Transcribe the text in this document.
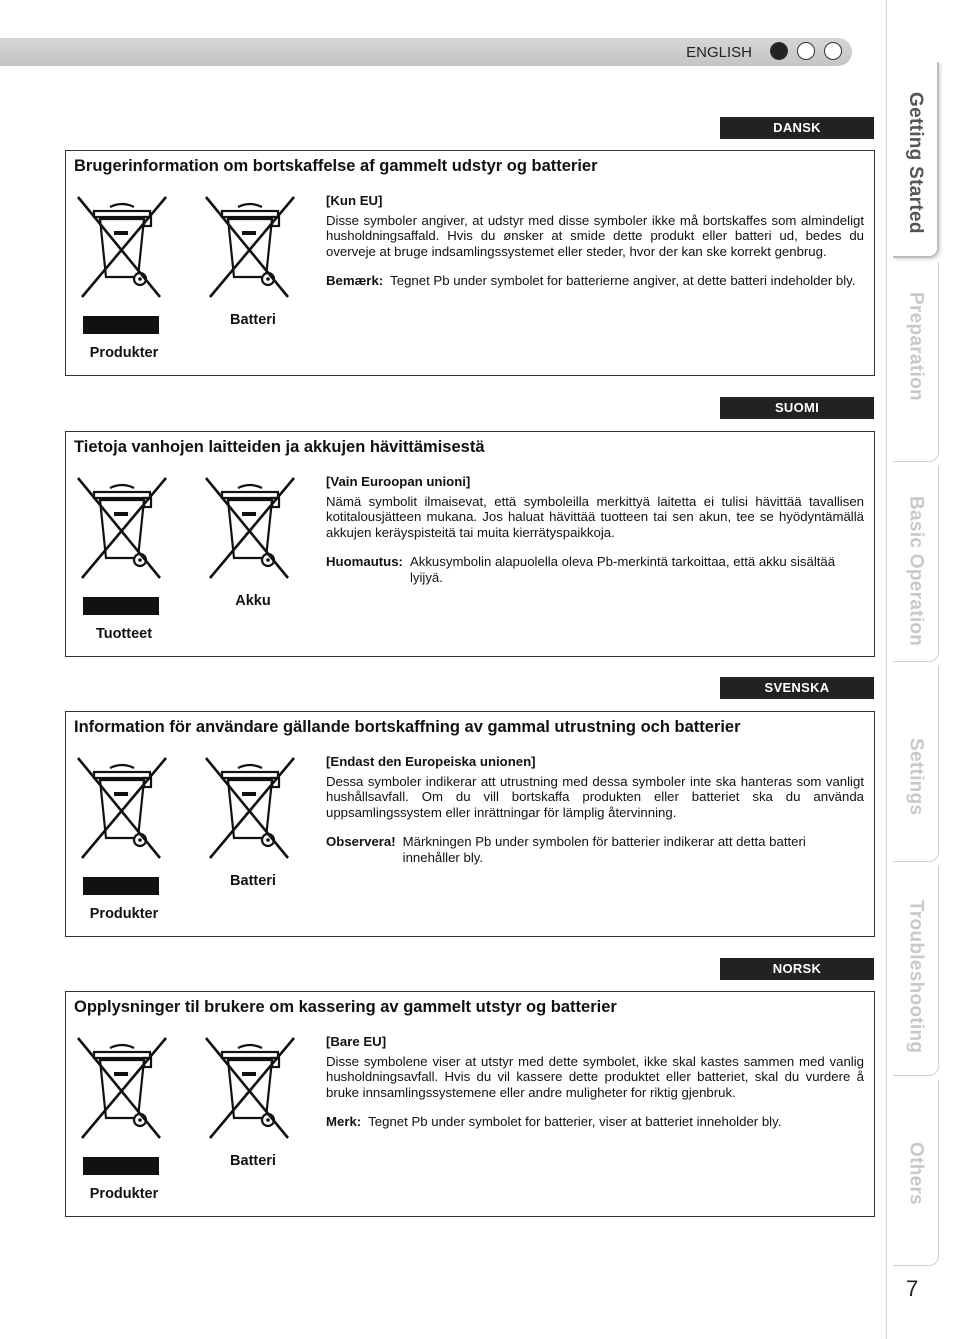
ENGLISH
Getting Started
Preparation
Basic Operation
Settings
Troubleshooting
Others
7
DANSK
Brugerinformation om bortskaffelse af gammelt udstyr og batterier
Produkter
Batteri
[Kun EU]
Disse symboler angiver, at udstyr med disse symboler ikke må bortskaffes som almindeligt husholdningsaffald. Hvis du ønsker at smide dette produkt eller batteri ud, bedes du overveje at bruge indsamlingssystemet eller steder, hvor der kan ske korrekt genbrug.
Bemærk: Tegnet Pb under symbolet for batterierne angiver, at dette batteri indeholder bly.
SUOMI
Tietoja vanhojen laitteiden ja akkujen hävittämisestä
Tuotteet
Akku
[Vain Euroopan unioni]
Nämä symbolit ilmaisevat, että symboleilla merkittyä laitetta ei tulisi hävittää tavallisen kotitalousjätteen mukana. Jos haluat hävittää tuotteen tai sen akun, tee se hyödyntämällä akkujen keräyspisteitä tai muita kierrätyspaikkoja.
Huomautus: Akkusymbolin alapuolella oleva Pb-merkintä tarkoittaa, että akku sisältää lyijyä.
SVENSKA
Information för användare gällande bortskaffning av gammal utrustning och batterier
Produkter
Batteri
[Endast den Europeiska unionen]
Dessa symboler indikerar att utrustning med dessa symboler inte ska hanteras som vanligt hushållsavfall. Om du vill bortskaffa produkten eller batteriet ska du använda uppsamlingssystem eller inrättningar för lämplig återvinning.
Observera! Märkningen Pb under symbolen för batterier indikerar att detta batteri innehåller bly.
NORSK
Opplysninger til brukere om kassering av gammelt utstyr og batterier
Produkter
Batteri
[Bare EU]
Disse symbolene viser at utstyr med dette symbolet, ikke skal kastes sammen med vanlig husholdningsavfall. Hvis du vil kassere dette produktet eller batteriet, skal du vurdere å bruke innsamlingssystemene eller andre muligheter for riktig gjenbruk.
Merk: Tegnet Pb under symbolet for batterier, viser at batteriet inneholder bly.
